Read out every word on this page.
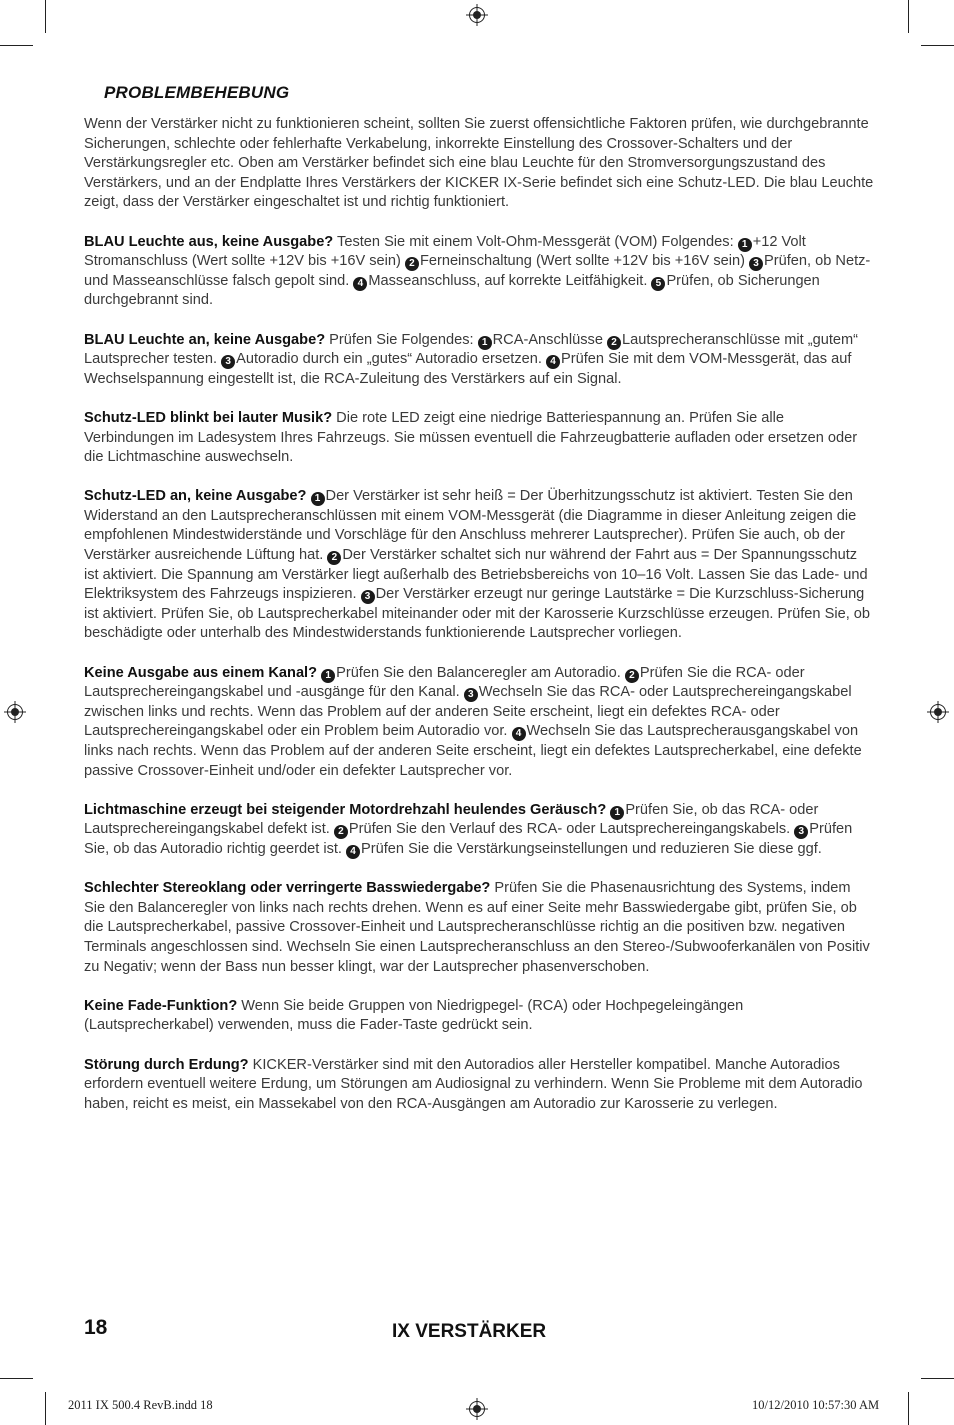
PROBLEMBEHEBUNG

Wenn der Verstärker nicht zu funktionieren scheint, sollten Sie zuerst offensichtliche Faktoren prüfen, wie durchgebrannte Sicherungen, schlechte oder fehlerhafte Verkabelung, inkorrekte Einstellung des Crossover-Schalters und der Verstärkungsregler etc. Oben am Verstärker befindet sich eine blau Leuchte für den Stromversorgungszustand des Verstärkers, und an der Endplatte Ihres Verstärkers der KICKER IX-Serie befindet sich eine Schutz-LED. Die blau Leuchte zeigt, dass der Verstärker eingeschaltet ist und richtig funktioniert.

BLAU Leuchte aus, keine Ausgabe? Testen Sie mit einem Volt-Ohm-Messgerät (VOM) Folgendes: 1 +12 Volt Stromanschluss (Wert sollte +12V bis +16V sein) 2 Ferneinschaltung (Wert sollte +12V bis +16V sein) 3 Prüfen, ob Netz- und Masseanschlüsse falsch gepolt sind. 4 Masseanschluss, auf korrekte Leitfähigkeit. 5 Prüfen, ob Sicherungen durchgebrannt sind.

BLAU Leuchte an, keine Ausgabe? Prüfen Sie Folgendes: 1 RCA-Anschlüsse 2 Lautsprecheranschlüsse mit „gutem“ Lautsprecher testen. 3 Autoradio durch ein „gutes“ Autoradio ersetzen. 4 Prüfen Sie mit dem VOM-Messgerät, das auf Wechselspannung eingestellt ist, die RCA-Zuleitung des Verstärkers auf ein Signal.

Schutz-LED blinkt bei lauter Musik? Die rote LED zeigt eine niedrige Batteriespannung an. Prüfen Sie alle Verbindungen im Ladesystem Ihres Fahrzeugs. Sie müssen eventuell die Fahrzeugbatterie aufladen oder ersetzen oder die Lichtmaschine auswechseln.

Schutz-LED an, keine Ausgabe? 1 Der Verstärker ist sehr heiß = Der Überhitzungsschutz ist aktiviert. Testen Sie den Widerstand an den Lautsprecheranschlüssen mit einem VOM-Messgerät (die Diagramme in dieser Anleitung zeigen die empfohlenen Mindestwiderstände und Vorschläge für den Anschluss mehrerer Lautsprecher). Prüfen Sie auch, ob der Verstärker ausreichende Lüftung hat. 2 Der Verstärker schaltet sich nur während der Fahrt aus = Der Spannungsschutz ist aktiviert. Die Spannung am Verstärker liegt außerhalb des Betriebsbereichs von 10–16 Volt. Lassen Sie das Lade- und Elektriksystem des Fahrzeugs inspizieren. 3 Der Verstärker erzeugt nur geringe Lautstärke = Die Kurzschluss-Sicherung ist aktiviert. Prüfen Sie, ob Lautsprecherkabel miteinander oder mit der Karosserie Kurzschlüsse erzeugen. Prüfen Sie, ob beschädigte oder unterhalb des Mindestwiderstands funktionierende Lautsprecher vorliegen.

Keine Ausgabe aus einem Kanal? 1 Prüfen Sie den Balanceregler am Autoradio. 2 Prüfen Sie die RCA- oder Lautsprechereingangskabel und -ausgänge für den Kanal. 3 Wechseln Sie das RCA- oder Lautsprechereingangskabel zwischen links und rechts. Wenn das Problem auf der anderen Seite erscheint, liegt ein defektes RCA- oder Lautsprechereingangskabel oder ein Problem beim Autoradio vor. 4 Wechseln Sie das Lautsprecherausgangskabel von links nach rechts. Wenn das Problem auf der anderen Seite erscheint, liegt ein defektes Lautsprecherkabel, eine defekte passive Crossover-Einheit und/oder ein defekter Lautsprecher vor.

Lichtmaschine erzeugt bei steigender Motordrehzahl heulendes Geräusch? 1 Prüfen Sie, ob das RCA- oder Lautsprechereingangskabel defekt ist. 2 Prüfen Sie den Verlauf des RCA- oder Lautsprechereingangskabels. 3 Prüfen Sie, ob das Autoradio richtig geerdet ist. 4 Prüfen Sie die Verstärkungseinstellungen und reduzieren Sie diese ggf.

Schlechter Stereoklang oder verringerte Basswiedergabe? Prüfen Sie die Phasenausrichtung des Systems, indem Sie den Balanceregler von links nach rechts drehen. Wenn es auf einer Seite mehr Basswiedergabe gibt, prüfen Sie, ob die Lautsprecherkabel, passive Crossover-Einheit und Lautsprecheranschlüsse richtig an die positiven bzw. negativen Terminals angeschlossen sind. Wechseln Sie einen Lautsprecheranschluss an den Stereo-/Subwooferkanälen von Positiv zu Negativ; wenn der Bass nun besser klingt, war der Lautsprecher phasenverschoben.

Keine Fade-Funktion? Wenn Sie beide Gruppen von Niedrigpegel- (RCA) oder Hochpegeleingängen (Lautsprecherkabel) verwenden, muss die Fader-Taste gedrückt sein.

Störung durch Erdung? KICKER-Verstärker sind mit den Autoradios aller Hersteller kompatibel. Manche Autoradios erfordern eventuell weitere Erdung, um Störungen am Audiosignal zu verhindern. Wenn Sie Probleme mit dem Autoradio haben, reicht es meist, ein Massekabel von den RCA-Ausgängen am Autoradio zur Karosserie zu verlegen.

18	IX VERSTÄRKER
2011 IX 500.4 RevB.indd 18	10/12/2010 10:57:30 AM
